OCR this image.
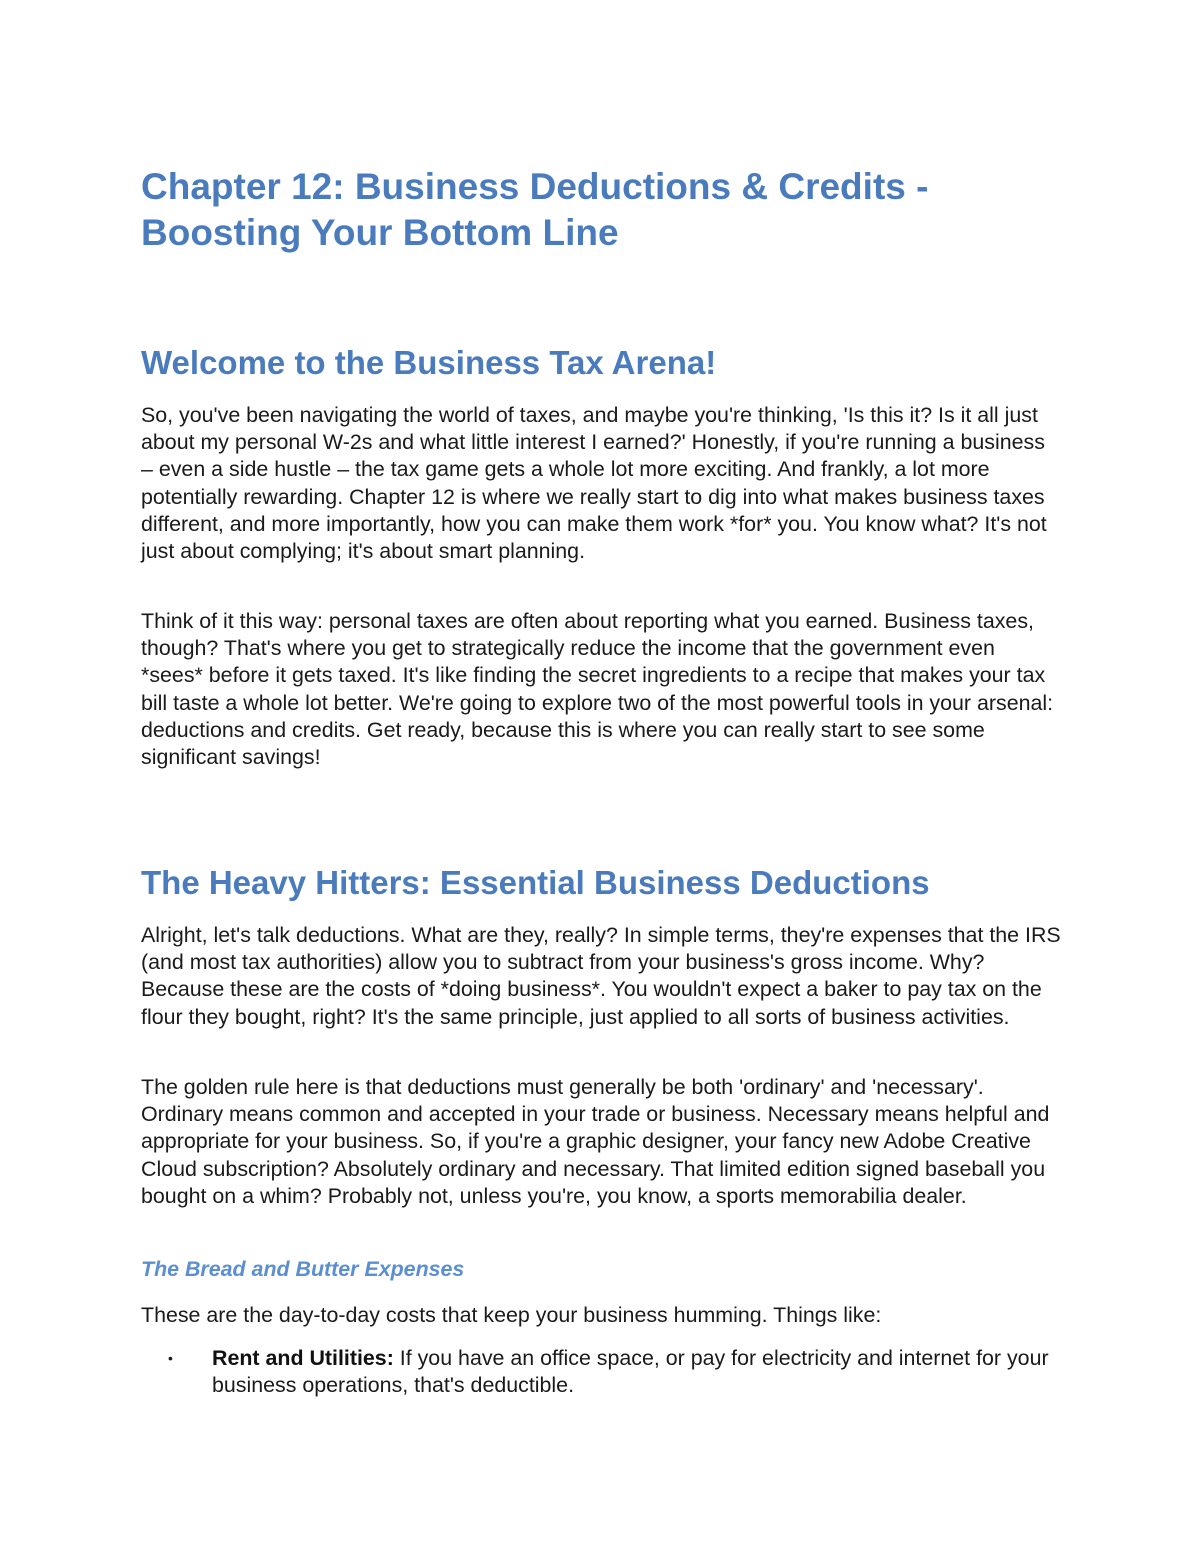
Chapter 12: Business Deductions & Credits - Boosting Your Bottom Line
Welcome to the Business Tax Arena!

So, you've been navigating the world of taxes, and maybe you're thinking, 'Is this it? Is it all just about my personal W-2s and what little interest I earned?' Honestly, if you're running a business – even a side hustle – the tax game gets a whole lot more exciting. And frankly, a lot more potentially rewarding. Chapter 12 is where we really start to dig into what makes business taxes different, and more importantly, how you can make them work *for* you. You know what? It's not just about complying; it's about smart planning.

Think of it this way: personal taxes are often about reporting what you earned. Business taxes, though? That's where you get to strategically reduce the income that the government even *sees* before it gets taxed. It's like finding the secret ingredients to a recipe that makes your tax bill taste a whole lot better. We're going to explore two of the most powerful tools in your arsenal: deductions and credits. Get ready, because this is where you can really start to see some significant savings!

The Heavy Hitters: Essential Business Deductions

Alright, let's talk deductions. What are they, really? In simple terms, they're expenses that the IRS (and most tax authorities) allow you to subtract from your business's gross income. Why? Because these are the costs of *doing business*. You wouldn't expect a baker to pay tax on the flour they bought, right? It's the same principle, just applied to all sorts of business activities.

The golden rule here is that deductions must generally be both 'ordinary' and 'necessary'. Ordinary means common and accepted in your trade or business. Necessary means helpful and appropriate for your business. So, if you're a graphic designer, your fancy new Adobe Creative Cloud subscription? Absolutely ordinary and necessary. That limited edition signed baseball you bought on a whim? Probably not, unless you're, you know, a sports memorabilia dealer.

The Bread and Butter Expenses

These are the day-to-day costs that keep your business humming. Things like:

• Rent and Utilities: If you have an office space, or pay for electricity and internet for your business operations, that's deductible.
